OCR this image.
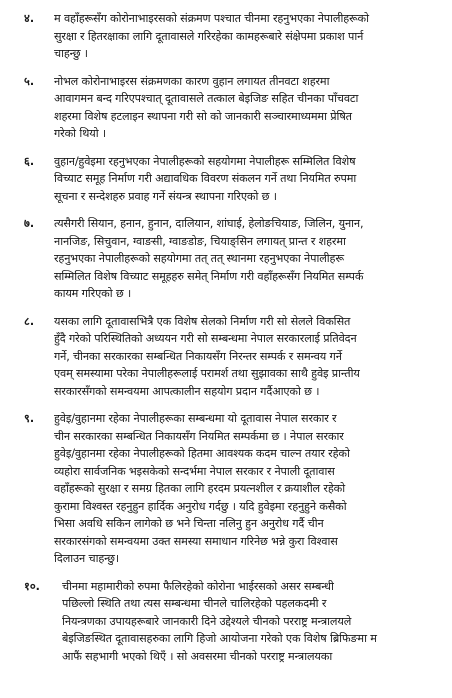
४.	म वहाँहरूसँग कोरोनाभाइरसको संक्रमण पश्चात चीनमा रहनुभएका नेपालीहरूको
सुरक्षा र हितरक्षाका लागि दूतावासले गरिरहेका कामहरूबारे संक्षेपमा प्रकाश पार्न
चाहन्छु ।
५.	नोभल कोरोनाभाइरस संक्रमणका कारण वुहान लगायत तीनवटा शहरमा
आवागमन बन्द गरिएपश्चात् दूतावासले तत्काल बेइजिङ सहित चीनका पाँचवटा
शहरमा विशेष हटलाइन स्थापना गरी सो को जानकारी सञ्चारमाध्यममा प्रेषित
गरेको थियो ।
६.	वुहान/हुवेइमा रहनुभएका नेपालीहरूको सहयोगमा नेपालीहरू सम्मिलित विशेष
विच्याट समूह निर्माण गरी अद्यावधिक विवरण संकलन गर्ने तथा नियमित रुपमा
सूचना र सन्देशहरु प्रवाह गर्ने संयन्त्र स्थापना गरिएको छ ।
७.	त्यसैगरी सियान, हनान, हुनान, दालियान, शांघाई, हेलोङचियाङ, जिलिन, युनान,
नानजिङ, सिचुवान, ग्वाङसी, ग्वाङडोङ, चियाङ्सिन लगायत् प्रान्त र शहरमा
रहनुभएका नेपालीहरूको सहयोगमा तत् तत् स्थानमा रहनुभएका नेपालीहरू
सम्मिलित विशेष विच्याट समूहहरु समेत् निर्माण गरी वहाँहरूसँग नियमित सम्पर्क
कायम गरिएको छ ।
८.	यसका लागि दूतावासभित्रै एक विशेष सेलको निर्माण गरी सो सेलले विकसित
हुँदै गरेको परिस्थितिको अध्ययन गरी सो सम्बन्धमा नेपाल सरकारलाई प्रतिवेदन
गर्ने, चीनका सरकारका सम्बन्धित निकायसँग निरन्तर सम्पर्क र समन्वय गर्ने
एवम् समस्यामा परेका नेपालीहरूलाई परामर्श तथा सुझावका साथै हुवेइ प्रान्तीय
सरकारसँगको समन्वयमा आपत्कालीन सहयोग प्रदान गर्दैआएको छ ।
९.	हुवेइ/वुहानमा रहेका नेपालीहरूका सम्बन्धमा यो दूतावास नेपाल सरकार र
चीन सरकारका सम्बन्धित निकायसँग नियमित सम्पर्कमा छ । नेपाल सरकार
हुवेइ/वुहानमा रहेका नेपालीहरूको हितमा आवश्यक कदम चाल्न तयार रहेको
व्यहोरा सार्वजनिक भइसकेको सन्दर्भमा नेपाल सरकार र नेपाली दूतावास
वहाँहरूको सुरक्षा र समग्र हितका लागि हरदम प्रयत्नशील र क्रयाशील रहेको
कुरामा विश्वस्त रहनुहुन हार्दिक अनुरोध गर्दछु । यदि हुवेइमा रहनुहुने कसैको
भिसा अवधि सकिन लागेको छ भने चिन्ता नलिनु हुन अनुरोध गर्दै चीन
सरकारसंगको समन्वयमा उक्त समस्या समाधान गरिनेछ भन्ने कुरा विश्वास
दिलाउन चाहन्छु।
१०.	चीनमा महामारीको रुपमा फैलिरहेको कोरोना भाईरसको असर सम्बन्धी
पछिल्लो स्थिति तथा त्यस सम्बन्धमा चीनले चालिरहेको पहलकदमी र
नियन्त्रणका उपायहरूबारे जानकारी दिने उद्देश्यले चीनको परराष्ट्र मन्त्रालयले
बेइजिङस्थित दूतावासहरुका लागि हिजो आयोजना गरेको एक विशेष ब्रिफिङमा म
आफैं सहभागी भएको थिएँ । सो अवसरमा चीनको परराष्ट्र मन्त्रालयका
